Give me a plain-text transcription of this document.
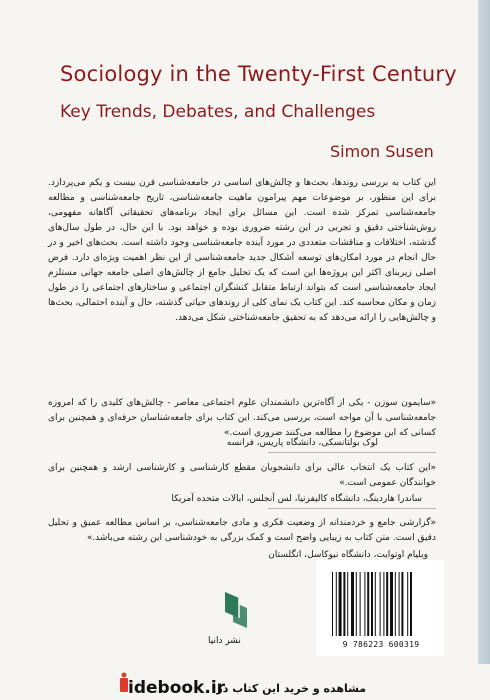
Sociology in the Twenty-First Century
Key Trends, Debates, and Challenges
Simon Susen

این کتاب به بررسی روندها، بحث‌ها و چالش‌های اساسی در جامعه‌شناسی قرن بیست و یکم می‌پردازد. برای این منظور، بر موضوعات مهم پیرامون ماهیت جامعه‌شناسی، تاریخ جامعه‌شناسی و مطالعه جامعه‌شناسی تمرکز شده است. این مسائل برای ایجاد برنامه‌های تحقیقاتی آگاهانه مفهومی، روش‌شناختی دقیق و تجربی در این رشته ضروری بوده و خواهد بود. با این حال، در طول سال‌های گذشته، اختلافات و مناقشات متعددی در مورد آینده جامعه‌شناسی وجود داشته است. بحث‌های اخیر و در حال انجام در مورد امکان‌های توسعه اَشکال جدید جامعه‌شناسی از این نظر اهمیت ویژه‌ای دارد. فرض اصلی زیربنای اکثر این پروژه‌ها این است که یک تحلیل جامع از چالش‌های اصلی جامعه جهانی مستلزم ایجاد جامعه‌شناسی است که بتواند ارتباط متقابل کنشگران اجتماعی و ساختارهای اجتماعی را در طول زمان و مکان محاسبه کند. این کتاب یک نمای کلی از روندهای حیاتی گذشته، حال و آینده احتمالی، بحث‌ها و چالش‌هایی را ارائه می‌دهد که به تحقیق جامعه‌شناختی شکل می‌دهد.

«سایمون سوزن - یکی از آگاه‌ترین دانشمندان علوم اجتماعی معاصر - چالش‌های کلیدی را که امروزه جامعه‌شناسی با آن مواجه است، بررسی می‌کند. این کتاب برای جامعه‌شناسان حرفه‌ای و همچنین برای کسانی که این موضوع را مطالعه می‌کنند ضروری است.»

لوک بولتانسکی، دانشگاه پاریس، فرانسه

«این کتاب یک انتخاب عالی برای دانشجویان مقطع کارشناسی و کارشناسی ارشد و همچنین برای خوانندگان عمومی است.»

ساندرا هاردینگ، دانشگاه کالیفرنیا، لس آنجلس، ایالات متحده آمریکا

«گزارشی جامع و خردمندانه از وضعیت فکری و مادی جامعه‌شناسی، بر اساس مطالعه عمیق و تحلیل دقیق است. متن کتاب به زیبایی واضح است و کمک بزرگی به خودشناسی این رشته می‌باشد.»

ویلیام اوتوایت، دانشگاه نیوکاسل، انگلستان
نشر دانیا	9 786223 600319
idebook.ir
مشاهده و خرید این کتاب در:
